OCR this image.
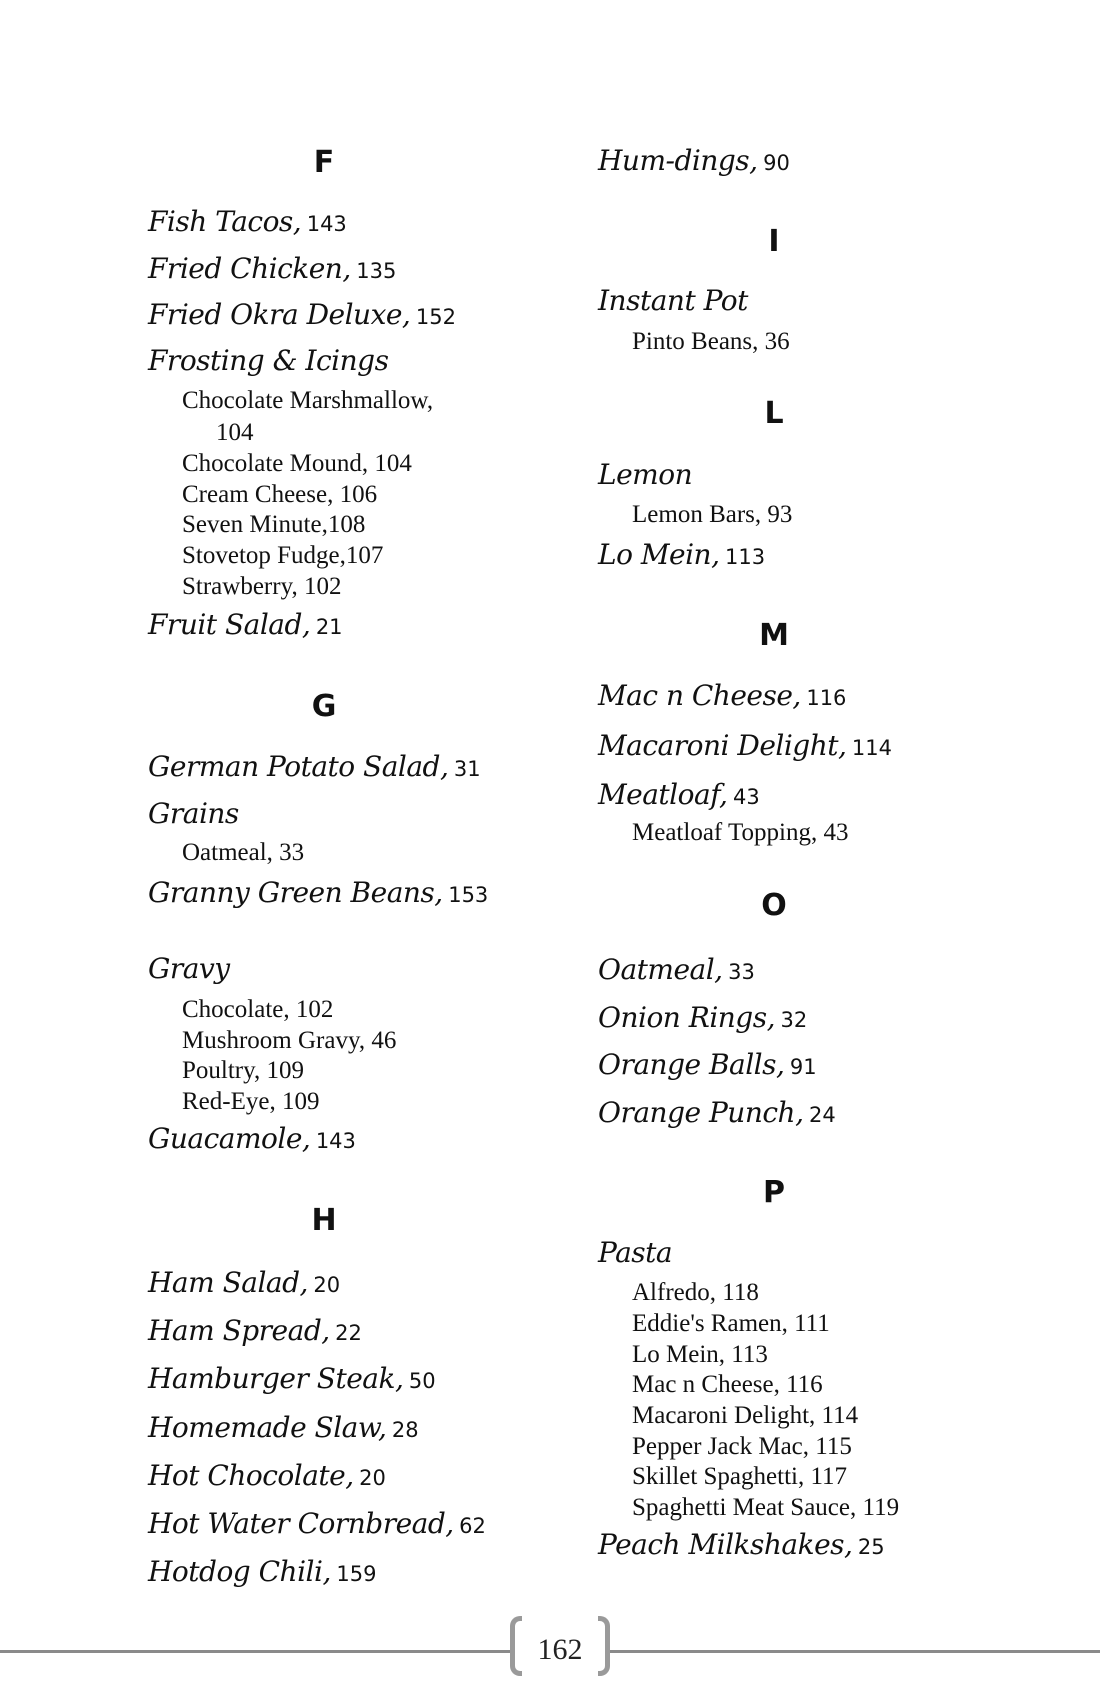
F
Fish Tacos, 143
Fried Chicken, 135
Fried Okra Deluxe, 152
Frosting & Icings
Chocolate Marshmallow,
104
Chocolate Mound, 104
Cream Cheese, 106
Seven Minute,108
Stovetop Fudge,107
Strawberry, 102
Fruit Salad, 21
G
German Potato Salad, 31
Grains
Oatmeal, 33
Granny Green Beans, 153
Gravy
Chocolate, 102
Mushroom Gravy, 46
Poultry, 109
Red-Eye, 109
Guacamole, 143
H
Ham Salad, 20
Ham Spread, 22
Hamburger Steak, 50
Homemade Slaw, 28
Hot Chocolate, 20
Hot Water Cornbread, 62
Hotdog Chili, 159
Hum-dings, 90
I
Instant Pot
Pinto Beans, 36
L
Lemon
Lemon Bars, 93
Lo Mein, 113
M
Mac n Cheese, 116
Macaroni Delight, 114
Meatloaf, 43
Meatloaf Topping, 43
O
Oatmeal, 33
Onion Rings, 32
Orange Balls, 91
Orange Punch, 24
P
Pasta
Alfredo, 118
Eddie's Ramen, 111
Lo Mein, 113
Mac n Cheese, 116
Macaroni Delight, 114
Pepper Jack Mac, 115
Skillet Spaghetti, 117
Spaghetti Meat Sauce, 119
Peach Milkshakes, 25
162
